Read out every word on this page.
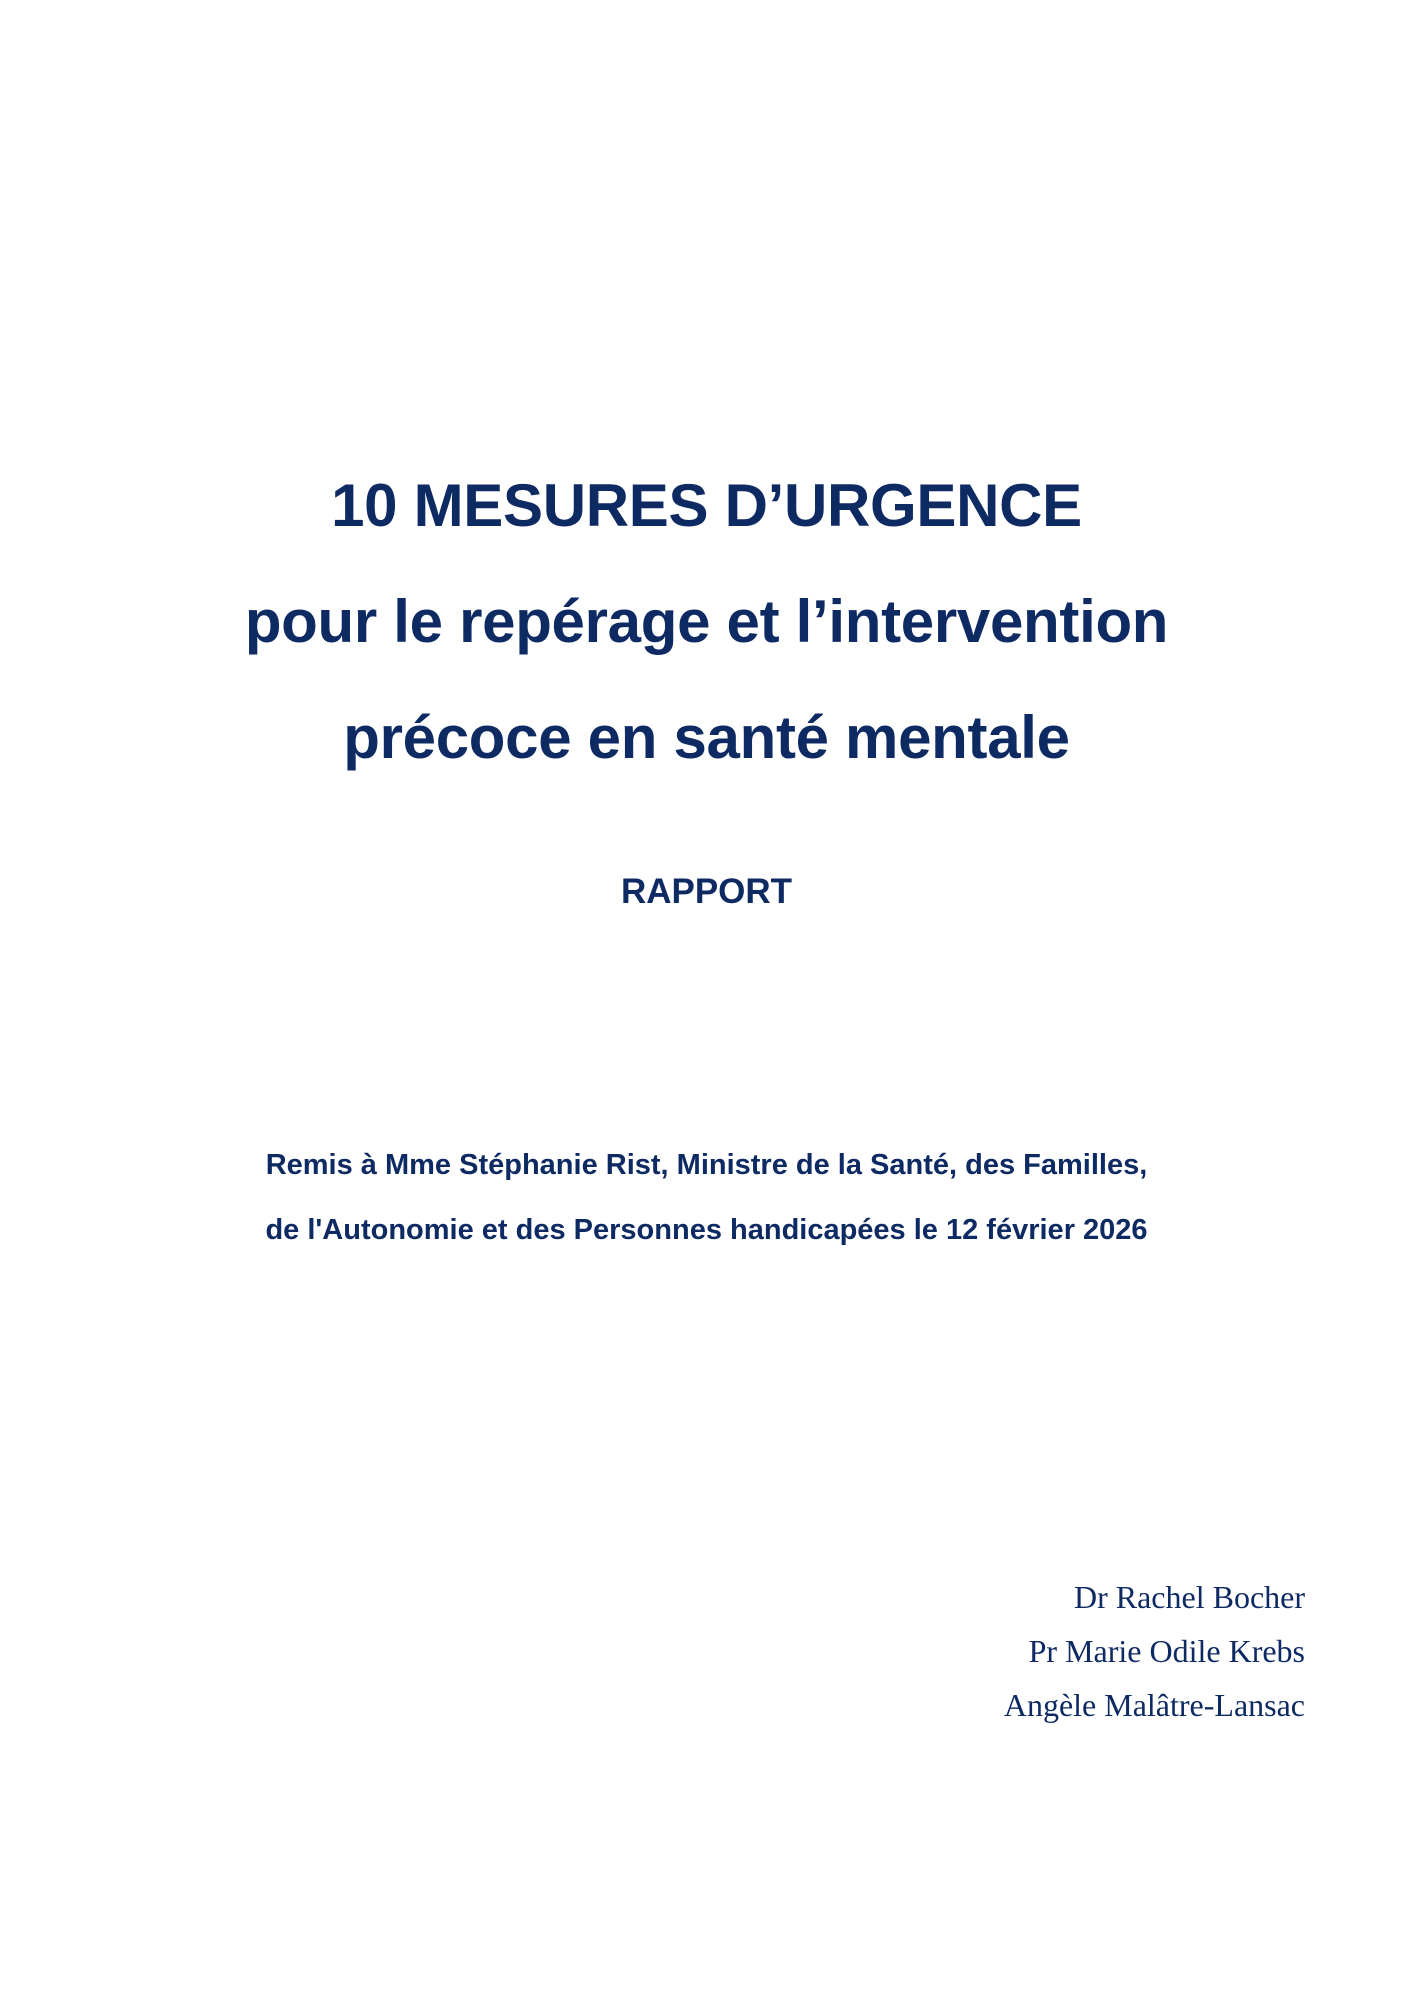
10 MESURES D’URGENCE
pour le repérage et l’intervention
précoce en santé mentale
RAPPORT
Remis à Mme Stéphanie Rist, Ministre de la Santé, des Familles,
de l'Autonomie et des Personnes handicapées le 12 février 2026
Dr Rachel Bocher
Pr Marie Odile Krebs
Angèle Malâtre-Lansac
